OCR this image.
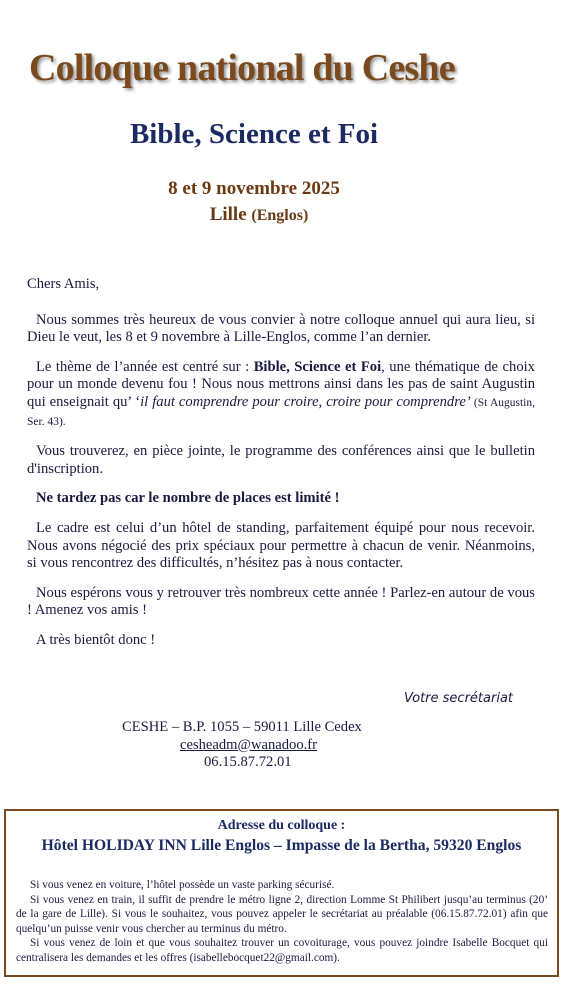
Colloque national du Ceshe
Bible, Science et Foi
8 et 9 novembre 2025
Lille (Englos)

Chers Amis,

Nous sommes très heureux de vous convier à notre colloque annuel qui aura lieu, si Dieu le veut, les 8 et 9 novembre à Lille-Englos, comme l’an dernier.

Le thème de l’année est centré sur : Bible, Science et Foi, une thématique de choix pour un monde devenu fou ! Nous nous mettrons ainsi dans les pas de saint Augustin qui enseignait qu’ ‘il faut comprendre pour croire, croire pour comprendre’ (St Augustin, Ser. 43).

Vous trouverez, en pièce jointe, le programme des conférences ainsi que le bulletin d'inscription.

Ne tardez pas car le nombre de places est limité !

Le cadre est celui d’un hôtel de standing, parfaitement équipé pour nous recevoir. Nous avons négocié des prix spéciaux pour permettre à chacun de venir. Néanmoins, si vous rencontrez des difficultés, n’hésitez pas à nous contacter.

Nous espérons vous y retrouver très nombreux cette année ! Parlez-en autour de vous ! Amenez vos amis !

A très bientôt donc !

Votre secrétariat
CESHE – B.P. 1055 – 59011 Lille Cedex
cesheadm@wanadoo.fr
06.15.87.72.01
Adresse du colloque :
Hôtel HOLIDAY INN Lille Englos – Impasse de la Bertha, 59320 Englos

Si vous venez en voiture, l’hôtel possède un vaste parking sécurisé.

Si vous venez en train, il suffit de prendre le métro ligne 2, direction Lomme St Philibert jusqu’au terminus (20’ de la gare de Lille). Si vous le souhaitez, vous pouvez appeler le secrétariat au préalable (06.15.87.72.01) afin que quelqu’un puisse venir vous chercher au terminus du métro.

Si vous venez de loin et que vous souhaitez trouver un covoiturage, vous pouvez joindre Isabelle Bocquet qui centralisera les demandes et les offres (isabellebocquet22@gmail.com).
